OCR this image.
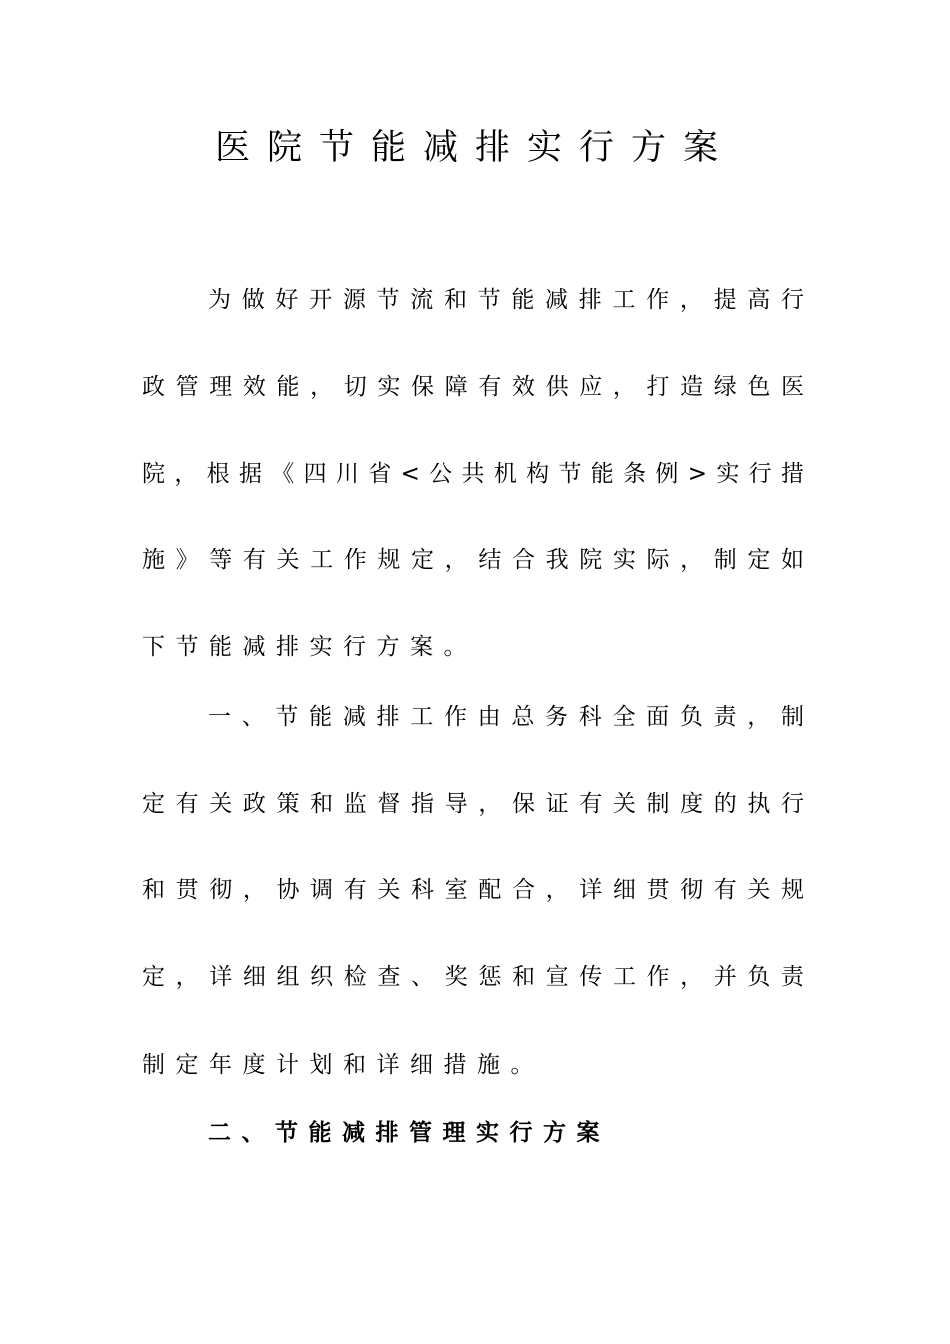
医院节能减排实行方案
为做好开源节流和节能减排工作，提高行
政管理效能，切实保障有效供应，打造绿色医
院，根据《四川省<公共机构节能条例>实行措
施》等有关工作规定，结合我院实际，制定如
下节能减排实行方案。
一、节能减排工作由总务科全面负责，制
定有关政策和监督指导，保证有关制度的执行
和贯彻，协调有关科室配合，详细贯彻有关规
定，详细组织检查、奖惩和宣传工作，并负责
制定年度计划和详细措施。
二、节能减排管理实行方案
